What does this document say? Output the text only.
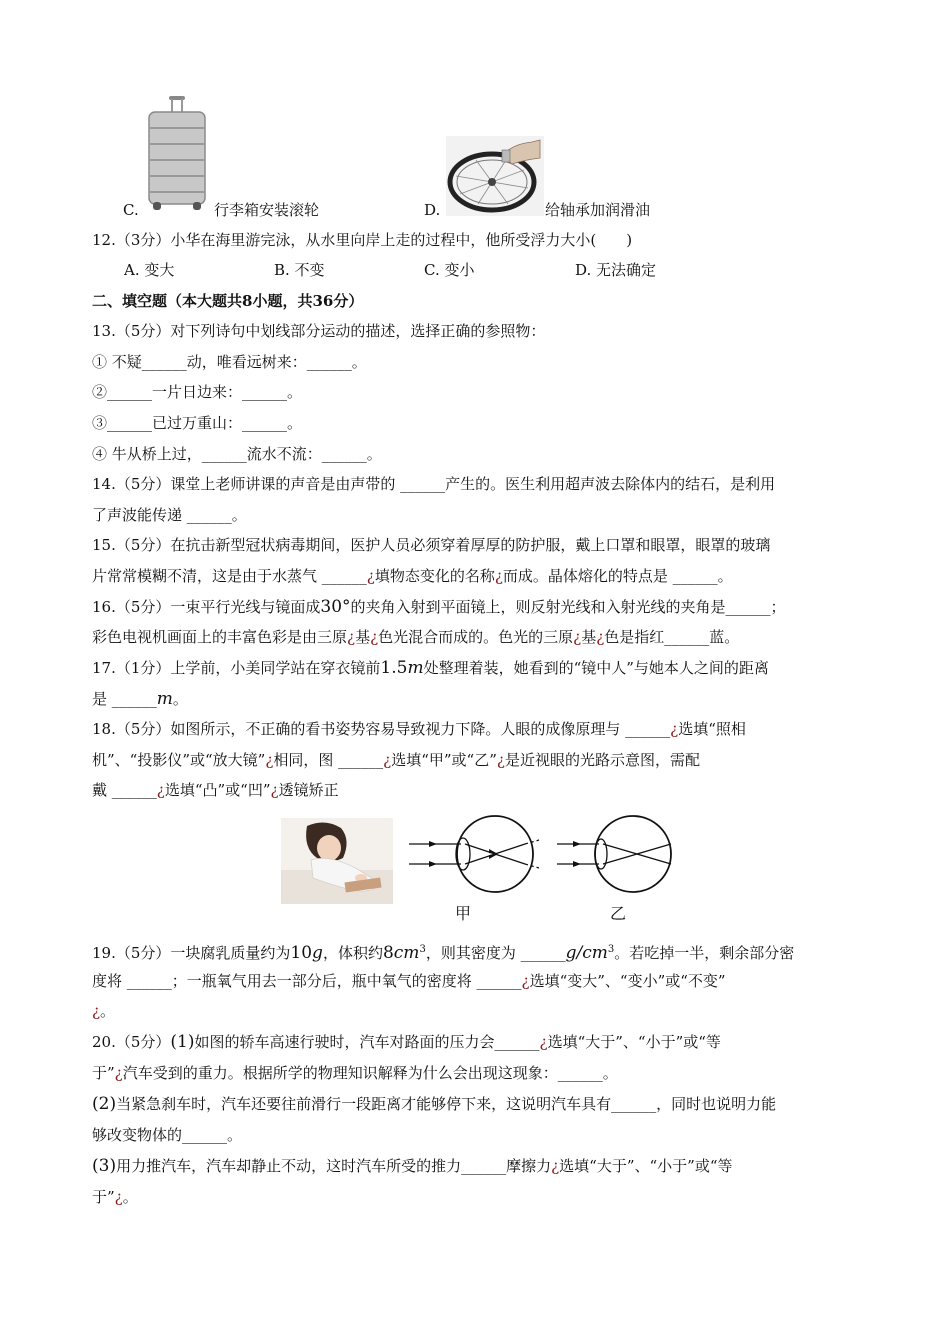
C.	行李箱安装滚轮	D.	给轴承加润滑油
12.（3分）小华在海里游完泳，从水里向岸上走的过程中，他所受浮力大小(　　)
A. 变大	B. 不变	C. 变小	D. 无法确定
二、填空题（本大题共8小题，共36分）
13.（5分）对下列诗句中划线部分运动的描述，选择正确的参照物：
① 不疑______动，唯看远树来：______。
②______一片日边来：______。
③______已过万重山：______。
④ 牛从桥上过，______流水不流：______。
14.（5分）课堂上老师讲课的声音是由声带的 ______产生的。医生利用超声波去除体内的结石，是利用
了声波能传递 ______。
15.（5分）在抗击新型冠状病毒期间，医护人员必须穿着厚厚的防护服，戴上口罩和眼罩，眼罩的玻璃
片常常模糊不清，这是由于水蒸气 ______¿填物态变化的名称¿而成。晶体熔化的特点是 ______。
16.（5分）一束平行光线与镜面成30°的夹角入射到平面镜上，则反射光线和入射光线的夹角是______；
彩色电视机画面上的丰富色彩是由三原¿基¿色光混合而成的。色光的三原¿基¿色是指红______蓝。
17.（1分）上学前，小美同学站在穿衣镜前1.5m处整理着装，她看到的“镜中人”与她本人之间的距离
是 ______m。
18.（5分）如图所示，不正确的看书姿势容易导致视力下降。人眼的成像原理与 ______¿选填“照相
机”、“投影仪”或“放大镜”¿相同，图 ______¿选填“甲”或“乙”¿是近视眼的光路示意图，需配
戴 ______¿选填“凸”或“凹”¿透镜矫正
甲	乙
19.（5分）一块腐乳质量约为10g，体积约$8cm^3$，则其密度为 $\_\_\_\_\_\_g/cm^3$。若吃掉一半，剩余部分密
度将 ______；一瓶氧气用去一部分后，瓶中氧气的密度将 ______¿选填“变大”、“变小”或“不变”
¿。
20.（5分）(1)如图的轿车高速行驶时，汽车对路面的压力会______¿选填“大于”、“小于”或“等
于”¿汽车受到的重力。根据所学的物理知识解释为什么会出现这现象：______。
(2)当紧急刹车时，汽车还要往前滑行一段距离才能够停下来，这说明汽车具有______，同时也说明力能
够改变物体的______。
(3)用力推汽车，汽车却静止不动，这时汽车所受的推力______摩擦力¿选填“大于”、“小于”或“等
于”¿。
